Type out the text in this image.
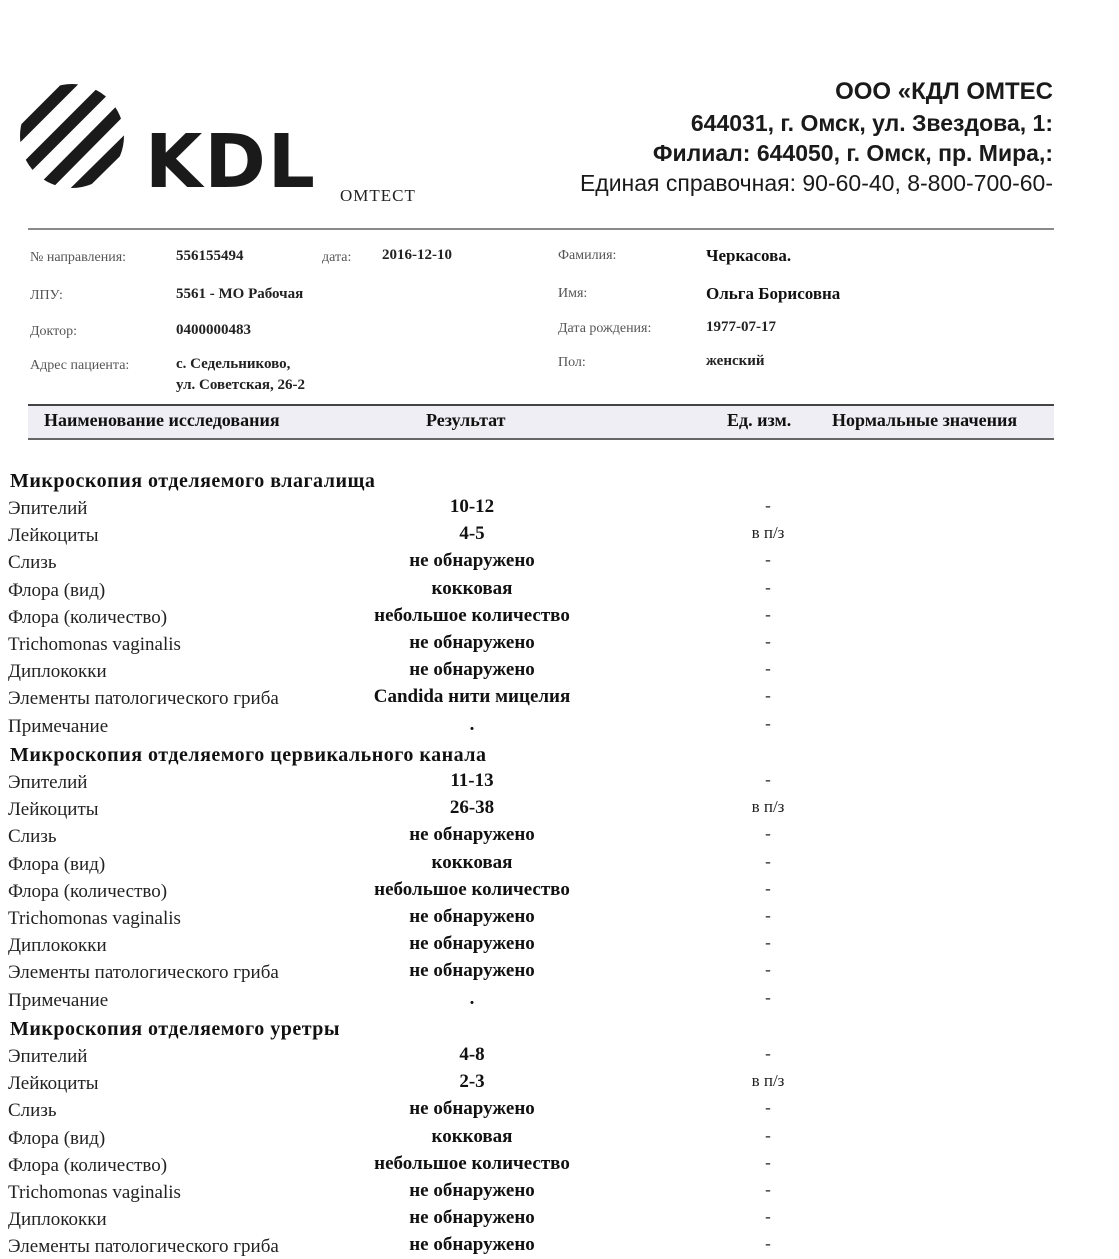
KDL ОМТЕСТ
ООО «КДЛ ОМТЕС
644031, г. Омск, ул. Звездова, 1:
Филиал: 644050, г. Омск, пр. Мира,:
Единая справочная: 90-60-40, 8-800-700-60-
№ направления:	556155494	дата: 2016-12-10
ЛПУ:	5561 - МО Рабочая
Доктор:	0400000483
Адрес пациента:	с. Седельниково,
ул. Советская, 26-2
Фамилия:	Черкасова.
Имя:	Ольга Борисовна
Дата рождения:	1977-07-17
Пол:	женский
Наименование исследования	Результат	Ед. изм. Нормальные значения
Микроскопия отделяемого влагалища
Эпителий	10-12	-
Лейкоциты	4-5	в п/з
Слизь	не обнаружено	-
Флора (вид)	кокковая	-
Флора (количество)	небольшое количество	-
Trichomonas vaginalis	не обнаружено	-
Диплококки	не обнаружено	-
Элементы патологического гриба	Candida нити мицелия	-
Примечание	.	-
Микроскопия отделяемого цервикального канала
Эпителий	11-13	-
Лейкоциты	26-38	в п/з
Слизь	не обнаружено	-
Флора (вид)	кокковая	-
Флора (количество)	небольшое количество	-
Trichomonas vaginalis	не обнаружено	-
Диплококки	не обнаружено	-
Элементы патологического гриба	не обнаружено	-
Примечание	.	-
Микроскопия отделяемого уретры
Эпителий	4-8	-
Лейкоциты	2-3	в п/з
Слизь	не обнаружено	-
Флора (вид)	кокковая	-
Флора (количество)	небольшое количество	-
Trichomonas vaginalis	не обнаружено	-
Диплококки	не обнаружено	-
Элементы патологического гриба	не обнаружено	-
